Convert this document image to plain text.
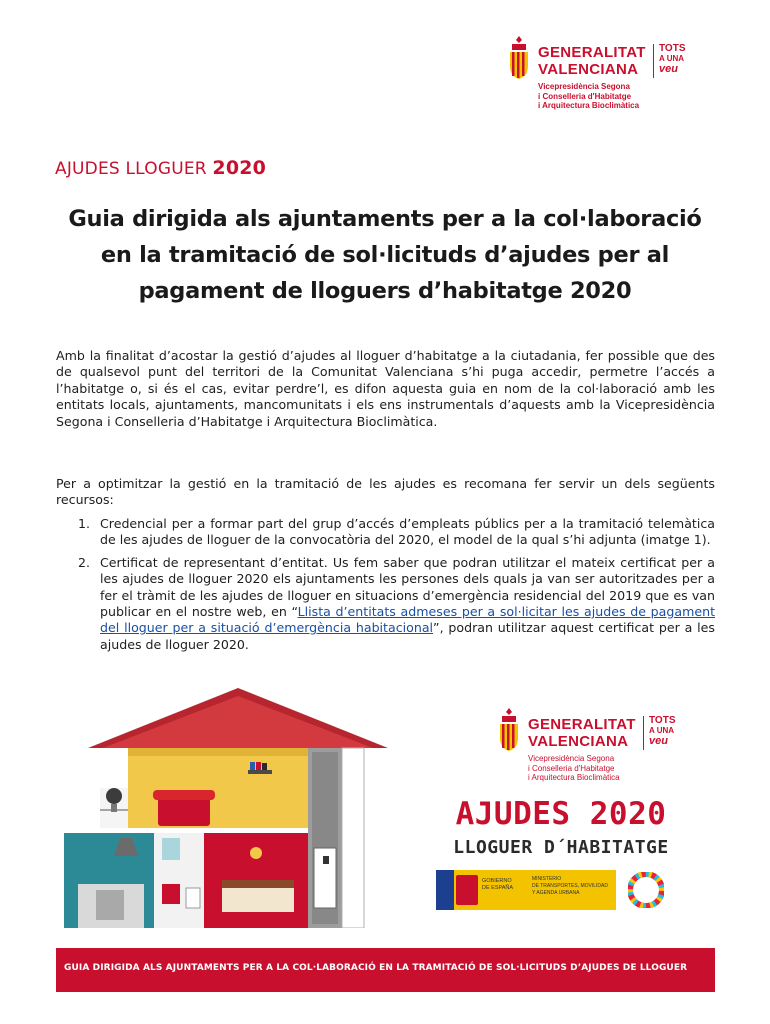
GENERALITAT
VALENCIANA
TOTS
A UNA
veu
Vicepresidència Segona
i Conselleria d'Habitatge
i Arquitectura Bioclimàtica
AJUDES LLOGUER 2020
Guia dirigida als ajuntaments per a la col·laboració
en la tramitació de sol·licituds d’ajudes per al
pagament de lloguers d’habitatge 2020
Amb la finalitat d’acostar la gestió d’ajudes al lloguer d’habitatge a la ciutadania, fer possible que des de qualsevol punt del territori de la Comunitat Valenciana s’hi puga accedir, permetre l’accés a l’habitatge o, si és el cas, evitar perdre’l, es difon aquesta guia en nom de la col·laboració amb les entitats locals, ajuntaments, mancomunitats i els ens instrumentals d’aquests amb la Vicepresidència Segona i Conselleria d’Habitatge i Arquitectura Bioclimàtica.
Per a optimitzar la gestió en la tramitació de les ajudes es recomana fer servir un dels següents recursos:
1. Credencial per a formar part del grup d’accés d’empleats públics per a la tramitació telemàtica de les ajudes de lloguer de la convocatòria del 2020, el model de la qual s’hi adjunta (imatge 1).
2. Certificat de representant d’entitat. Us fem saber que podran utilitzar el mateix certificat per a les ajudes de lloguer 2020 els ajuntaments les persones dels quals ja van ser autoritzades per a fer el tràmit de les ajudes de lloguer en situacions d’emergència residencial del 2019 que es van publicar en el nostre web, en “Llista d’entitats admeses per a sol·licitar les ajudes de pagament del lloguer per a situació d’emergència habitacional”, podran utilitzar aquest certificat per a les ajudes de lloguer 2020.
GENERALITAT
VALENCIANA
TOTS
A UNA
veu
Vicepresidència Segona
i Conselleria d'Habitatge
i Arquitectura Bioclimàtica
AJUDES 2020
LLOGUER D´HABITATGE
GOBIERNO
DE ESPAÑA
MINISTERIO
DE TRANSPORTES, MOVILIDAD
Y AGENDA URBANA
GUIA DIRIGIDA ALS AJUNTAMENTS PER A LA COL·LABORACIÓ EN LA TRAMITACIÓ DE SOL·LICITUDS D’AJUDES DE LLOGUER
